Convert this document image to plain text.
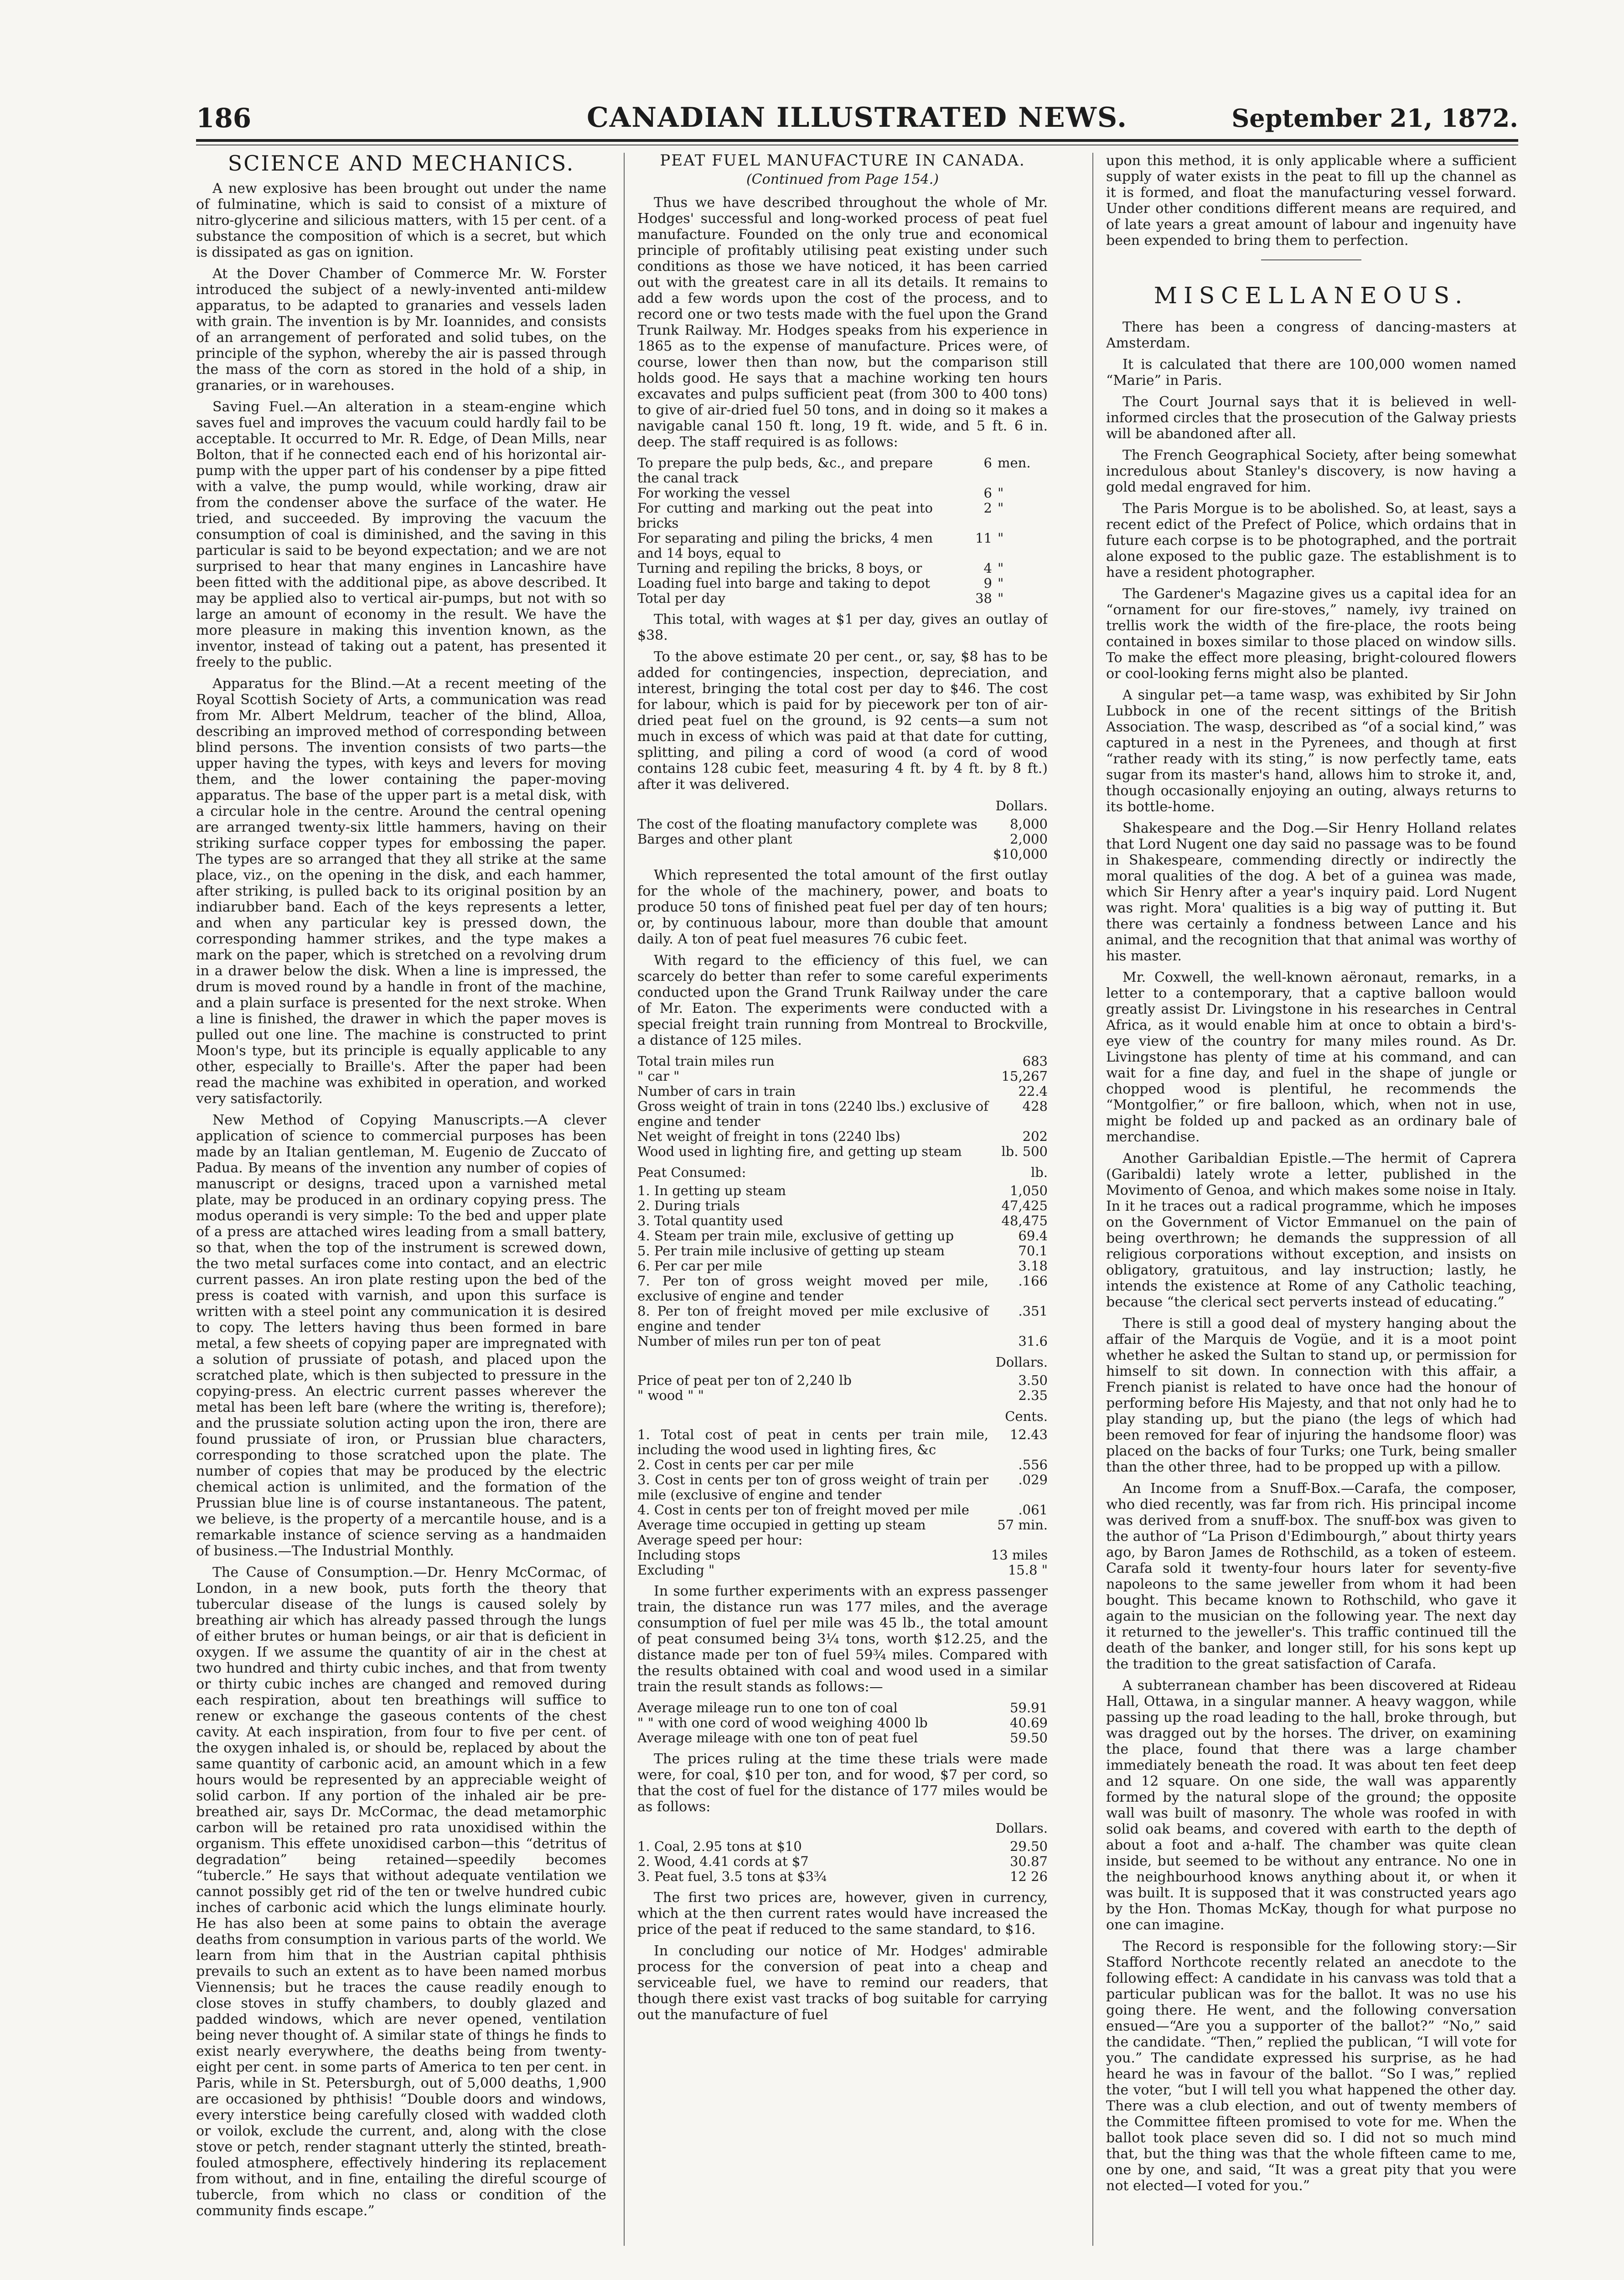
186	CANADIAN ILLUSTRATED NEWS.	September 21, 1872.
SCIENCE AND MECHANICS.

A new explosive has been brought out under the name of fulminatine, which is said to consist of a mixture of nitro-glycerine and silicious matters, with 15 per cent. of a substance the composition of which is a secret, but which is dissipated as gas on ignition.

At the Dover Chamber of Commerce Mr. W. Forster introduced the subject of a newly-invented anti-mildew apparatus, to be adapted to granaries and vessels laden with grain. The invention is by Mr. Ioannides, and consists of an arrangement of perforated and solid tubes, on the principle of the syphon, whereby the air is passed through the mass of the corn as stored in the hold of a ship, in granaries, or in warehouses.

Saving Fuel.—An alteration in a steam-engine which saves fuel and improves the vacuum could hardly fail to be acceptable. It occurred to Mr. R. Edge, of Dean Mills, near Bolton, that if he connected each end of his horizontal air-pump with the upper part of his condenser by a pipe fitted with a valve, the pump would, while working, draw air from the condenser above the surface of the water. He tried, and succeeded. By improving the vacuum the consumption of coal is diminished, and the saving in this particular is said to be beyond expectation; and we are not surprised to hear that many engines in Lancashire have been fitted with the additional pipe, as above described. It may be applied also to vertical air-pumps, but not with so large an amount of economy in the result. We have the more pleasure in making this invention known, as the inventor, instead of taking out a patent, has presented it freely to the public.

Apparatus for the Blind.—At a recent meeting of the Royal Scottish Society of Arts, a communication was read from Mr. Albert Meldrum, teacher of the blind, Alloa, describing an improved method of corresponding between blind persons. The invention consists of two parts—the upper having the types, with keys and levers for moving them, and the lower containing the paper-moving apparatus. The base of the upper part is a metal disk, with a circular hole in the centre. Around the central opening are arranged twenty-six little hammers, having on their striking surface copper types for embossing the paper. The types are so arranged that they all strike at the same place, viz., on the opening in the disk, and each hammer, after striking, is pulled back to its original position by an indiarubber band. Each of the keys represents a letter, and when any particular key is pressed down, the corresponding hammer strikes, and the type makes a mark on the paper, which is stretched on a revolving drum in a drawer below the disk. When a line is impressed, the drum is moved round by a handle in front of the machine, and a plain surface is presented for the next stroke. When a line is finished, the drawer in which the paper moves is pulled out one line. The machine is constructed to print Moon's type, but its principle is equally applicable to any other, especially to Braille's. After the paper had been read the machine was exhibited in operation, and worked very satisfactorily.

New Method of Copying Manuscripts.—A clever application of science to commercial purposes has been made by an Italian gentleman, M. Eugenio de Zuccato of Padua. By means of the invention any number of copies of manuscript or designs, traced upon a varnished metal plate, may be produced in an ordinary copying press. The modus operandi is very simple: To the bed and upper plate of a press are attached wires leading from a small battery, so that, when the top of the instrument is screwed down, the two metal surfaces come into contact, and an electric current passes. An iron plate resting upon the bed of the press is coated with varnish, and upon this surface is written with a steel point any communication it is desired to copy. The letters having thus been formed in bare metal, a few sheets of copying paper are impregnated with a solution of prussiate of potash, and placed upon the scratched plate, which is then subjected to pressure in the copying-press. An electric current passes wherever the metal has been left bare (where the writing is, therefore); and the prussiate solution acting upon the iron, there are found prussiate of iron, or Prussian blue characters, corresponding to those scratched upon the plate. The number of copies that may be produced by the electric chemical action is unlimited, and the formation of the Prussian blue line is of course instantaneous. The patent, we believe, is the property of a mercantile house, and is a remarkable instance of science serving as a handmaiden of business.—The Industrial Monthly.

The Cause of Consumption.—Dr. Henry McCormac, of London, in a new book, puts forth the theory that tubercular disease of the lungs is caused solely by breathing air which has already passed through the lungs of either brutes or human beings, or air that is deficient in oxygen. If we assume the quantity of air in the chest at two hundred and thirty cubic inches, and that from twenty or thirty cubic inches are changed and removed during each respiration, about ten breathings will suffice to renew or exchange the gaseous contents of the chest cavity. At each inspiration, from four to five per cent. of the oxygen inhaled is, or should be, replaced by about the same quantity of carbonic acid, an amount which in a few hours would be represented by an appreciable weight of solid carbon. If any portion of the inhaled air be pre-breathed air, says Dr. McCormac, the dead metamorphic carbon will be retained pro rata unoxidised within the organism. This effete unoxidised carbon—this “detritus of degradation” being retained—speedily becomes “tubercle.” He says that without adequate ventilation we cannot possibly get rid of the ten or twelve hundred cubic inches of carbonic acid which the lungs eliminate hourly. He has also been at some pains to obtain the average deaths from consumption in various parts of the world. We learn from him that in the Austrian capital phthisis prevails to such an extent as to have been named morbus Viennensis; but he traces the cause readily enough to close stoves in stuffy chambers, to doubly glazed and padded windows, which are never opened, ventilation being never thought of. A similar state of things he finds to exist nearly everywhere, the deaths being from twenty-eight per cent. in some parts of America to ten per cent. in Paris, while in St. Petersburgh, out of 5,000 deaths, 1,900 are occasioned by phthisis! “Double doors and windows, every interstice being carefully closed with wadded cloth or voilok, exclude the current, and, along with the close stove or petch, render stagnant utterly the stinted, breath-fouled atmosphere, effectively hindering its replacement from without, and in fine, entailing the direful scourge of tubercle, from which no class or condition of the community finds escape.”

PEAT FUEL MANUFACTURE IN CANADA.
(Continued from Page 154.)

Thus we have described throughout the whole of Mr. Hodges' successful and long-worked process of peat fuel manufacture. Founded on the only true and economical principle of profitably utilising peat existing under such conditions as those we have noticed, it has been carried out with the greatest care in all its details. It remains to add a few words upon the cost of the process, and to record one or two tests made with the fuel upon the Grand Trunk Railway. Mr. Hodges speaks from his experience in 1865 as to the expense of manufacture. Prices were, of course, lower then than now, but the comparison still holds good. He says that a machine working ten hours excavates and pulps sufficient peat (from 300 to 400 tons) to give of air-dried fuel 50 tons, and in doing so it makes a navigable canal 150 ft. long, 19 ft. wide, and 5 ft. 6 in. deep. The staff required is as follows:

To prepare the pulp beds, &c., and prepare the canal track	6	men.
For working the vessel	6	"
For cutting and marking out the peat into bricks	2	"
For separating and piling the bricks, 4 men and 14 boys, equal to	11	"
Turning and repiling the bricks, 8 boys, or	4	"
Loading fuel into barge and taking to depot	9	"
Total per day	38	"

This total, with wages at $1 per day, gives an outlay of $38.

To the above estimate 20 per cent., or, say, $8 has to be added for contingencies, inspection, depreciation, and interest, bringing the total cost per day to $46. The cost for labour, which is paid for by piecework per ton of air-dried peat fuel on the ground, is 92 cents—a sum not much in excess of which was paid at that date for cutting, splitting, and piling a cord of wood (a cord of wood contains 128 cubic feet, measuring 4 ft. by 4 ft. by 8 ft.) after it was delivered.

Dollars.
The cost of the floating manufactory complete was	8,000
Barges and other plant	2,000
	$10,000

Which represented the total amount of the first outlay for the whole of the machinery, power, and boats to produce 50 tons of finished peat fuel per day of ten hours; or, by continuous labour, more than double that amount daily. A ton of peat fuel measures 76 cubic feet.

With regard to the efficiency of this fuel, we can scarcely do better than refer to some careful experiments conducted upon the Grand Trunk Railway under the care of Mr. Eaton. The experiments were conducted with a special freight train running from Montreal to Brockville, a distance of 125 miles.

Total train miles run	683
" car "	15,267
Number of cars in train	22.4
Gross weight of train in tons (2240 lbs.) exclusive of engine and tender	428
Net weight of freight in tons (2240 lbs)	202
Wood used in lighting fire, and getting up steam	lb. 500
Peat Consumed:	lb.
1. In getting up steam	1,050
2. During trials	47,425
3. Total quantity used	48,475
4. Steam per train mile, exclusive of getting up	69.4
5. Per train mile inclusive of getting up steam	70.1
6. Per car per mile	3.18
7. Per ton of gross weight moved per mile, exclusive of engine and tender	.166
8. Per ton of freight moved per mile exclusive of engine and tender	.351
Number of miles run per ton of peat	31.6
Dollars.
Price of peat per ton of 2,240 lb	3.50
" wood " "	2.35
Cents.
1. Total cost of peat in cents per train mile, including the wood used in lighting fires, &c	12.43
2. Cost in cents per car per mile	.556
3. Cost in cents per ton of gross weight of train per mile (exclusive of engine and tender	.029
4. Cost in cents per ton of freight moved per mile	.061
Average time occupied in getting up steam	57 min.
Average speed per hour:	
Including stops	13 miles
Excluding "	15.8 "

In some further experiments with an express passenger train, the distance run was 177 miles, and the average consumption of fuel per mile was 45 lb., the total amount of peat consumed being 3¼ tons, worth $12.25, and the distance made per ton of fuel 59¾ miles. Compared with the results obtained with coal and wood used in a similar train the result stands as follows:—

Average mileage run to one ton of coal	59.91
" " with one cord of wood weighing 4000 lb	40.69
Average mileage with one ton of peat fuel	59.50

The prices ruling at the time these trials were made were, for coal, $10 per ton, and for wood, $7 per cord, so that the cost of fuel for the distance of 177 miles would be as follows:

Dollars.
1. Coal, 2.95 tons at $10	29.50
2. Wood, 4.41 cords at $7	30.87
3. Peat fuel, 3.5 tons at $3¾	12 26

The first two prices are, however, given in currency, which at the then current rates would have increased the price of the peat if reduced to the same standard, to $16.

In concluding our notice of Mr. Hodges' admirable process for the conversion of peat into a cheap and serviceable fuel, we have to remind our readers, that though there exist vast tracks of bog suitable for carrying out the manufacture of fuel

upon this method, it is only applicable where a sufficient supply of water exists in the peat to fill up the channel as it is formed, and float the manufacturing vessel forward. Under other conditions different means are required, and of late years a great amount of labour and ingenuity have been expended to bring them to perfection.

MISCELLANEOUS.

There has been a congress of dancing-masters at Amsterdam.

It is calculated that there are 100,000 women named “Marie” in Paris.

The Court Journal says that it is believed in well-informed circles that the prosecution of the Galway priests will be abandoned after all.

The French Geographical Society, after being somewhat incredulous about Stanley's discovery, is now having a gold medal engraved for him.

The Paris Morgue is to be abolished. So, at least, says a recent edict of the Prefect of Police, which ordains that in future each corpse is to be photographed, and the portrait alone exposed to the public gaze. The establishment is to have a resident photographer.

The Gardener's Magazine gives us a capital idea for an “ornament for our fire-stoves,” namely, ivy trained on trellis work the width of the fire-place, the roots being contained in boxes similar to those placed on window sills. To make the effect more pleasing, bright-coloured flowers or cool-looking ferns might also be planted.

A singular pet—a tame wasp, was exhibited by Sir John Lubbock in one of the recent sittings of the British Association. The wasp, described as “of a social kind,” was captured in a nest in the Pyrenees, and though at first “rather ready with its sting,” is now perfectly tame, eats sugar from its master's hand, allows him to stroke it, and, though occasionally enjoying an outing, always returns to its bottle-home.

Shakespeare and the Dog.—Sir Henry Holland relates that Lord Nugent one day said no passage was to be found in Shakespeare, commending directly or indirectly the moral qualities of the dog. A bet of a guinea was made, which Sir Henry after a year's inquiry paid. Lord Nugent was right. Mora' qualities is a big way of putting it. But there was certainly a fondness between Lance and his animal, and the recognition that that animal was worthy of his master.

Mr. Coxwell, the well-known aëronaut, remarks, in a letter to a contemporary, that a captive balloon would greatly assist Dr. Livingstone in his researches in Central Africa, as it would enable him at once to obtain a bird's-eye view of the country for many miles round. As Dr. Livingstone has plenty of time at his command, and can wait for a fine day, and fuel in the shape of jungle or chopped wood is plentiful, he recommends the “Montgolfier,” or fire balloon, which, when not in use, might be folded up and packed as an ordinary bale of merchandise.

Another Garibaldian Epistle.—The hermit of Caprera (Garibaldi) lately wrote a letter, published in the Movimento of Genoa, and which makes some noise in Italy. In it he traces out a radical programme, which he imposes on the Government of Victor Emmanuel on the pain of being overthrown; he demands the suppression of all religious corporations without exception, and insists on obligatory, gratuitous, and lay instruction; lastly, he intends the existence at Rome of any Catholic teaching, because “the clerical sect perverts instead of educating.”

There is still a good deal of mystery hanging about the affair of the Marquis de Vogüe, and it is a moot point whether he asked the Sultan to stand up, or permission for himself to sit down. In connection with this affair, a French pianist is related to have once had the honour of performing before His Majesty, and that not only had he to play standing up, but the piano (the legs of which had been removed for fear of injuring the handsome floor) was placed on the backs of four Turks; one Turk, being smaller than the other three, had to be propped up with a pillow.

An Income from a Snuff-Box.—Carafa, the composer, who died recently, was far from rich. His principal income was derived from a snuff-box. The snuff-box was given to the author of “La Prison d'Edimbourgh,” about thirty years ago, by Baron James de Rothschild, as a token of esteem. Carafa sold it twenty-four hours later for seventy-five napoleons to the same jeweller from whom it had been bought. This became known to Rothschild, who gave it again to the musician on the following year. The next day it returned to the jeweller's. This traffic continued till the death of the banker, and longer still, for his sons kept up the tradition to the great satisfaction of Carafa.

A subterranean chamber has been discovered at Rideau Hall, Ottawa, in a singular manner. A heavy waggon, while passing up the road leading to the hall, broke through, but was dragged out by the horses. The driver, on examining the place, found that there was a large chamber immediately beneath the road. It was about ten feet deep and 12 square. On one side, the wall was apparently formed by the natural slope of the ground; the opposite wall was built of masonry. The whole was roofed in with solid oak beams, and covered with earth to the depth of about a foot and a-half. The chamber was quite clean inside, but seemed to be without any entrance. No one in the neighbourhood knows anything about it, or when it was built. It is supposed that it was constructed years ago by the Hon. Thomas McKay, though for what purpose no one can imagine.

The Record is responsible for the following story:—Sir Stafford Northcote recently related an anecdote to the following effect: A candidate in his canvass was told that a particular publican was for the ballot. It was no use his going there. He went, and the following conversation ensued—“Are you a supporter of the ballot?” “No,” said the candidate. “Then,” replied the publican, “I will vote for you.” The candidate expressed his surprise, as he had heard he was in favour of the ballot. “So I was,” replied the voter, “but I will tell you what happened the other day. There was a club election, and out of twenty members of the Committee fifteen promised to vote for me. When the ballot took place seven did so. I did not so much mind that, but the thing was that the whole fifteen came to me, one by one, and said, “It was a great pity that you were not elected—I voted for you.”
